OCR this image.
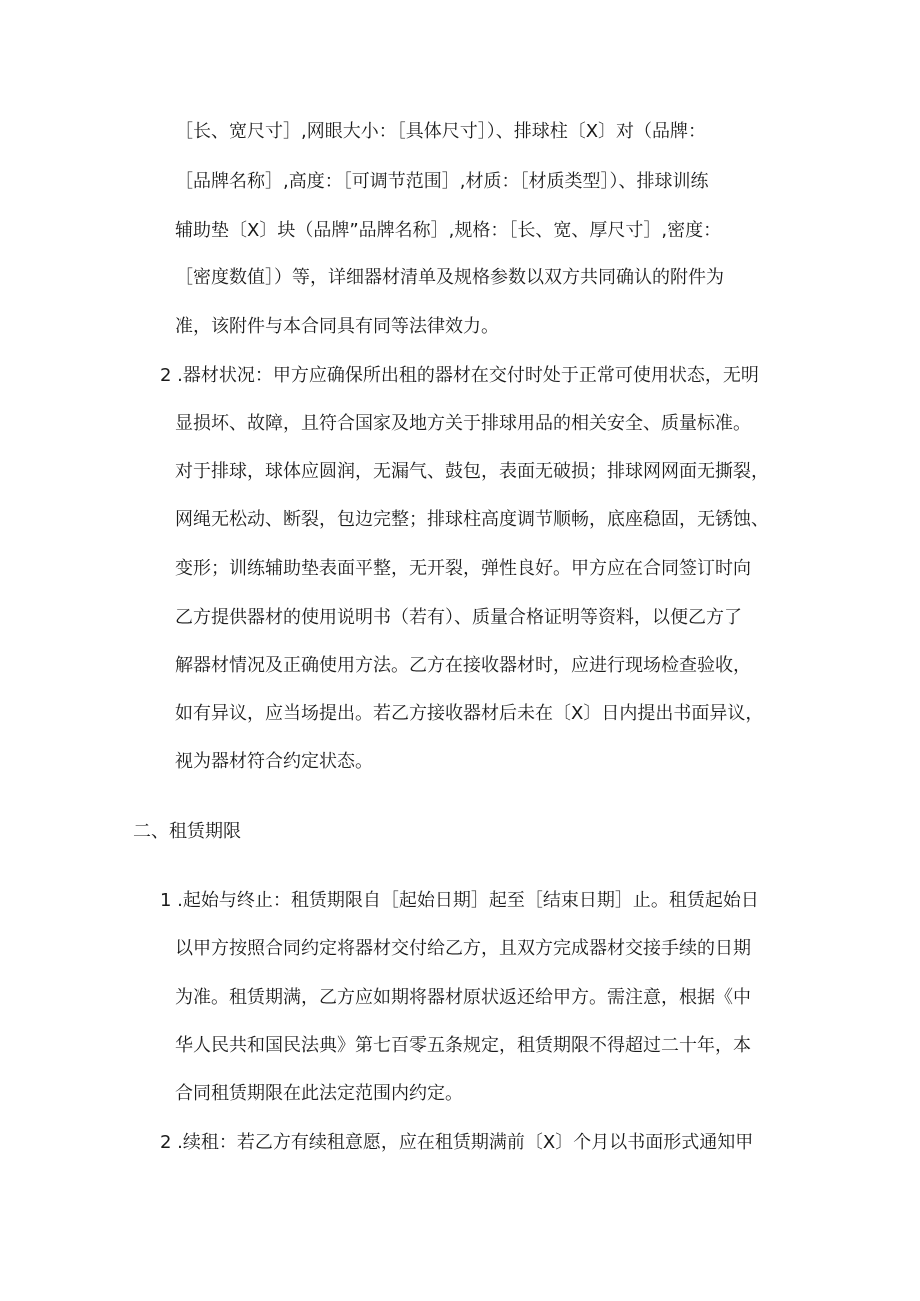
［长、宽尺寸］,网眼大小：［具体尺寸］）、排球柱〔X〕对（品牌：
［品牌名称］,高度：［可调节范围］,材质：［材质类型］）、排球训练
辅助垫〔X〕块（品牌”品牌名称］,规格：［长、宽、厚尺寸］,密度：
［密度数值］）等，详细器材清单及规格参数以双方共同确认的附件为
准，该附件与本合同具有同等法律效力。
2 .器材状况：甲方应确保所出租的器材在交付时处于正常可使用状态，无明
显损坏、故障，且符合国家及地方关于排球用品的相关安全、质量标准。
对于排球，球体应圆润，无漏气、鼓包，表面无破损；排球网网面无撕裂，
网绳无松动、断裂，包边完整；排球柱高度调节顺畅，底座稳固，无锈蚀、
变形；训练辅助垫表面平整，无开裂，弹性良好。甲方应在合同签订时向
乙方提供器材的使用说明书（若有）、质量合格证明等资料，以便乙方了
解器材情况及正确使用方法。乙方在接收器材时，应进行现场检查验收，
如有异议，应当场提出。若乙方接收器材后未在〔X〕日内提出书面异议，
视为器材符合约定状态。
二、租赁期限
1 .起始与终止：租赁期限自［起始日期］起至［结束日期］止。租赁起始日
以甲方按照合同约定将器材交付给乙方，且双方完成器材交接手续的日期
为准。租赁期满，乙方应如期将器材原状返还给甲方。需注意，根据《中
华人民共和国民法典》第七百零五条规定，租赁期限不得超过二十年，本
合同租赁期限在此法定范围内约定。
2 .续租：若乙方有续租意愿，应在租赁期满前〔X〕个月以书面形式通知甲
